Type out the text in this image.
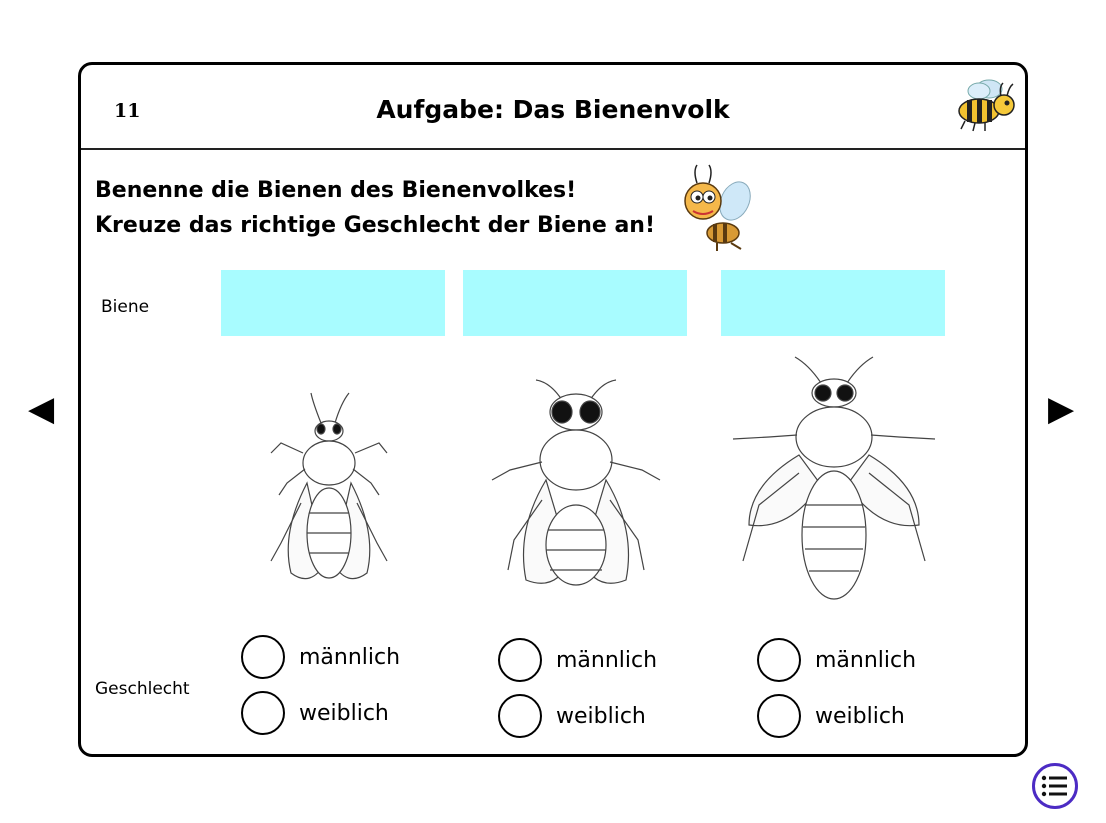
◀	▶
11	Aufgabe: Das Bienenvolk
Benenne die Bienen des Bienenvolkes!
Kreuze das richtige Geschlecht der Biene an!
Biene
Geschlecht
männlich
weiblich
männlich
weiblich
männlich
weiblich
